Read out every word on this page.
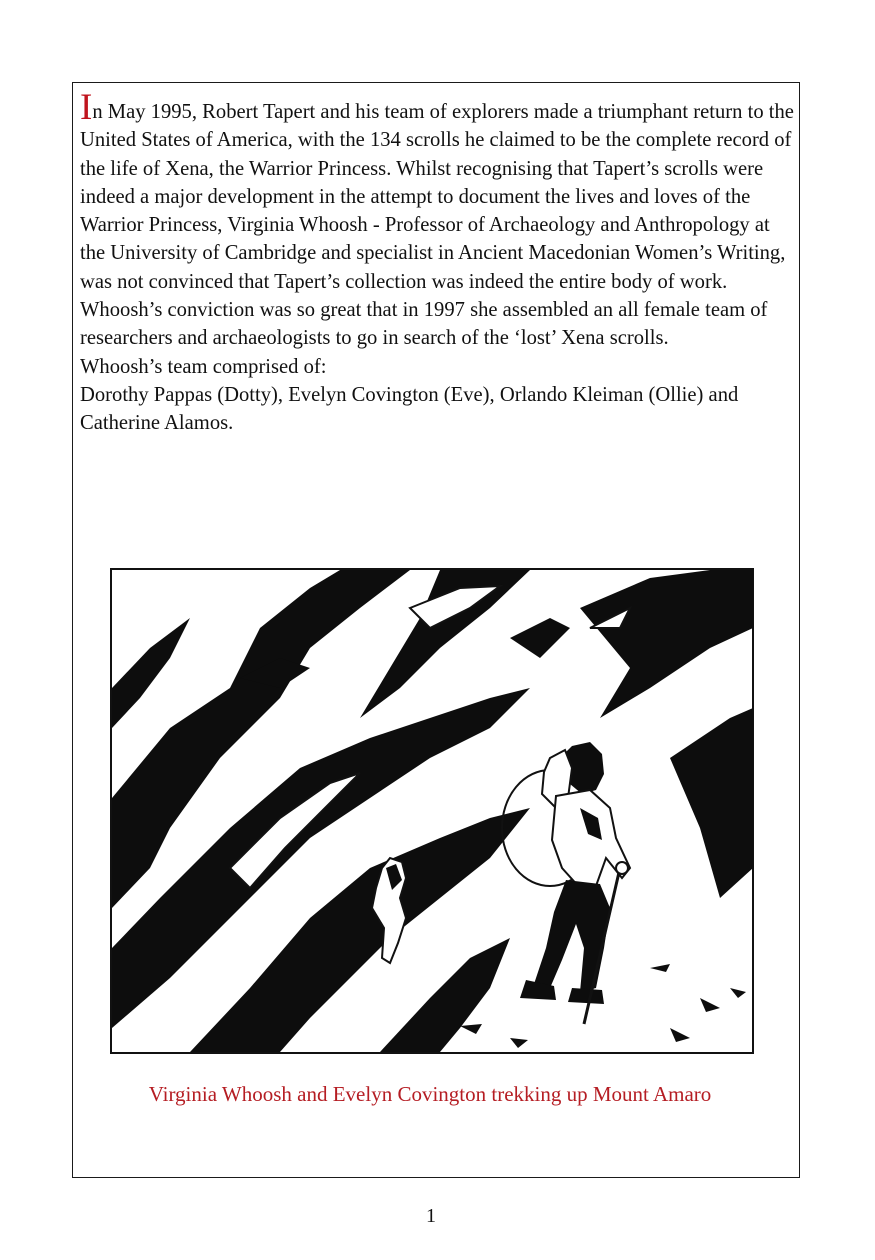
In May 1995, Robert Tapert and his team of explorers made a triumphant return to the United States of America, with the 134 scrolls he claimed to be the complete record of the life of Xena, the Warrior Princess. Whilst recognising that Tapert’s scrolls were indeed a major development in the attempt to document the lives and loves of the Warrior Princess, Virginia Whoosh - Professor of Archaeology and Anthropology at the University of Cambridge and specialist in Ancient Macedonian Women’s Writing, was not convinced that Tapert’s collection was indeed the entire body of work.

Whoosh’s conviction was so great that in 1997 she assembled an all female team of researchers and archaeologists to go in search of the ‘lost’ Xena scrolls.

Whoosh’s team comprised of:

Dorothy Pappas (Dotty), Evelyn Covington (Eve), Orlando Kleiman (Ollie) and Catherine Alamos.

Virginia Whoosh and Evelyn Covington trekking up Mount Amaro

1
